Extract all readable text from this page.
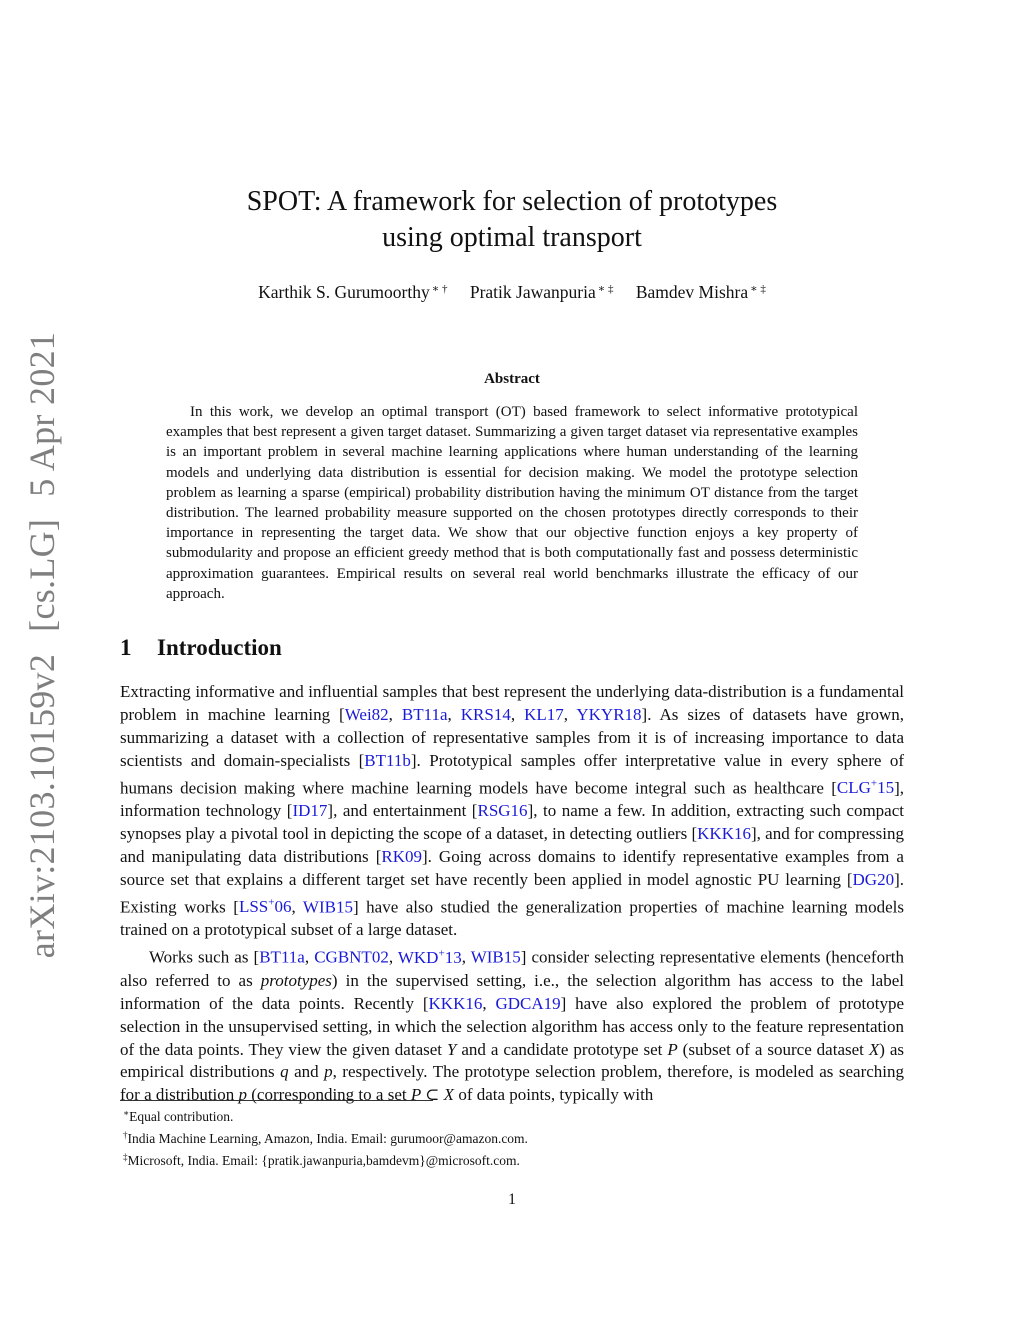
arXiv:2103.10159v2[cs.LG]5 Apr 2021
SPOT: A framework for selection of prototypes
using optimal transport
Karthik S. Gurumoorthy ∗ † Pratik Jawanpuria ∗ ‡ Bamdev Mishra ∗ ‡
Abstract

In this work, we develop an optimal transport (OT) based framework to select informative prototypical examples that best represent a given target dataset. Summarizing a given target dataset via representative examples is an important problem in several machine learning applications where human understanding of the learning models and underlying data distribution is essential for decision making. We model the prototype selection problem as learning a sparse (empirical) probability distribution having the minimum OT distance from the target distribution. The learned probability measure supported on the chosen prototypes directly corresponds to their importance in representing the target data. We show that our objective function enjoys a key property of submodularity and propose an efficient greedy method that is both computationally fast and possess deterministic approximation guarantees. Empirical results on several real world benchmarks illustrate the efficacy of our approach.

1 Introduction

Extracting informative and influential samples that best represent the underlying data-distribution is a fundamental problem in machine learning [Wei82, BT11a, KRS14, KL17, YKYR18]. As sizes of datasets have grown, summarizing a dataset with a collection of representative samples from it is of increasing importance to data scientists and domain-specialists [BT11b]. Prototypical samples offer interpretative value in every sphere of humans decision making where machine learning models have become integral such as healthcare [CLG+15], information technology [ID17], and entertainment [RSG16], to name a few. In addition, extracting such compact synopses play a pivotal tool in depicting the scope of a dataset, in detecting outliers [KKK16], and for compressing and manipulating data distributions [RK09]. Going across domains to identify representative examples from a source set that explains a different target set have recently been applied in model agnostic PU learning [DG20]. Existing works [LSS+06, WIB15] have also studied the generalization properties of machine learning models trained on a prototypical subset of a large dataset.

Works such as [BT11a, CGBNT02, WKD+13, WIB15] consider selecting representative elements (henceforth also referred to as prototypes) in the supervised setting, i.e., the selection algorithm has access to the label information of the data points. Recently [KKK16, GDCA19] have also explored the problem of prototype selection in the unsupervised setting, in which the selection algorithm has access only to the feature representation of the data points. They view the given dataset Y and a candidate prototype set P (subset of a source dataset X) as empirical distributions q and p, respectively. The prototype selection problem, therefore, is modeled as searching for a distribution p (corresponding to a set P ⊂ X of data points, typically with

∗Equal contribution.
†India Machine Learning, Amazon, India. Email: gurumoor@amazon.com.
‡Microsoft, India. Email: {pratik.jawanpuria,bamdevm}@microsoft.com.
1
